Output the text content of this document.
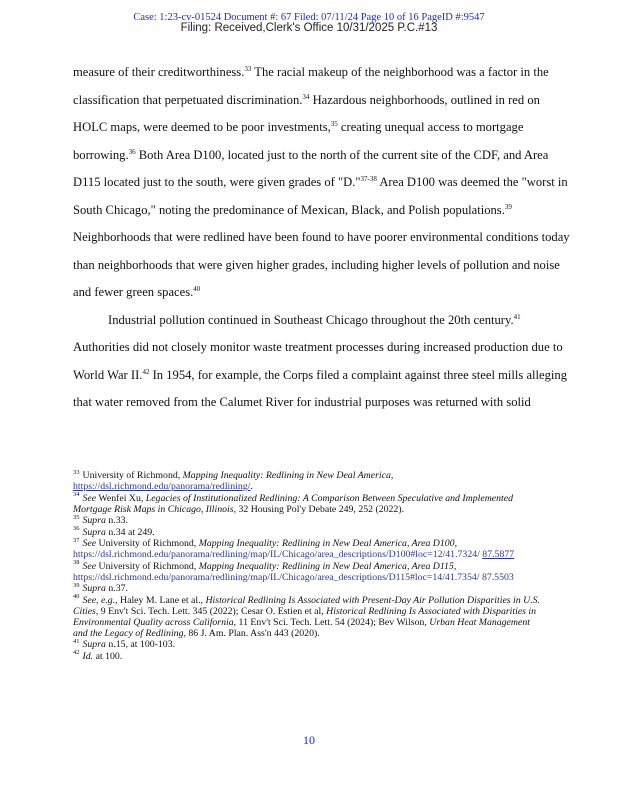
Case: 1:23-cv-01524 Document #: 67 Filed: 07/11/24 Page 10 of 16 PageID #:9547
Filing: Received,Clerk's Office 10/31/2025 P.C.#13
measure of their creditworthiness.$^{33}$ The racial makeup of the neighborhood was a factor in the
classification that perpetuated discrimination.$^{34}$ Hazardous neighborhoods, outlined in red on
HOLC maps, were deemed to be poor investments,$^{35}$ creating unequal access to mortgage
borrowing.$^{36}$ Both Area D100, located just to the north of the current site of the CDF, and Area
D115 located just to the south, were given grades of "D."$^{37-38}$ Area D100 was deemed the "worst in
South Chicago," noting the predominance of Mexican, Black, and Polish populations.$^{39}$
Neighborhoods that were redlined have been found to have poorer environmental conditions today
than neighborhoods that were given higher grades, including higher levels of pollution and noise
and fewer green spaces.$^{40}$
Industrial pollution continued in Southeast Chicago throughout the 20th century.$^{41}$
Authorities did not closely monitor waste treatment processes during increased production due to
World War II.$^{42}$ In 1954, for example, the Corps filed a complaint against three steel mills alleging
that water removed from the Calumet River for industrial purposes was returned with solid
$^{33}$ University of Richmond, Mapping Inequality: Redlining in New Deal America, https://dsl.richmond.edu/panorama/redlining/.
$^{34}$ See Wenfei Xu, Legacies of Institutionalized Redlining: A Comparison Between Speculative and Implemented Mortgage Risk Maps in Chicago, Illinois, 32 Housing Pol'y Debate 249, 252 (2022).
$^{35}$ Supra n.33.
$^{36}$ Supra n.34 at 249.
$^{37}$ See University of Richmond, Mapping Inequality: Redlining in New Deal America, Area D100, https://dsl.richmond.edu/panorama/redlining/map/IL/Chicago/area_descriptions/D100#loc=12/41.7324/ 87.5877
$^{38}$ See University of Richmond, Mapping Inequality: Redlining in New Deal America, Area D115, https://dsl.richmond.edu/panorama/redlining/map/IL/Chicago/area_descriptions/D115#loc=14/41.7354/ 87.5503
$^{39}$ Supra n.37.
$^{40}$ See, e.g., Haley M. Lane et al., Historical Redlining Is Associated with Present-Day Air Pollution Disparities in U.S. Cities, 9 Env't Sci. Tech. Lett. 345 (2022); Cesar O. Estien et al, Historical Redlining Is Associated with Disparities in Environmental Quality across California, 11 Env't Sci. Tech. Lett. 54 (2024); Bev Wilson, Urban Heat Management and the Legacy of Redlining, 86 J. Am. Plan. Ass'n 443 (2020).
$^{41}$ Supra n.15, at 100-103.
$^{42}$ Id. at 100.
10
